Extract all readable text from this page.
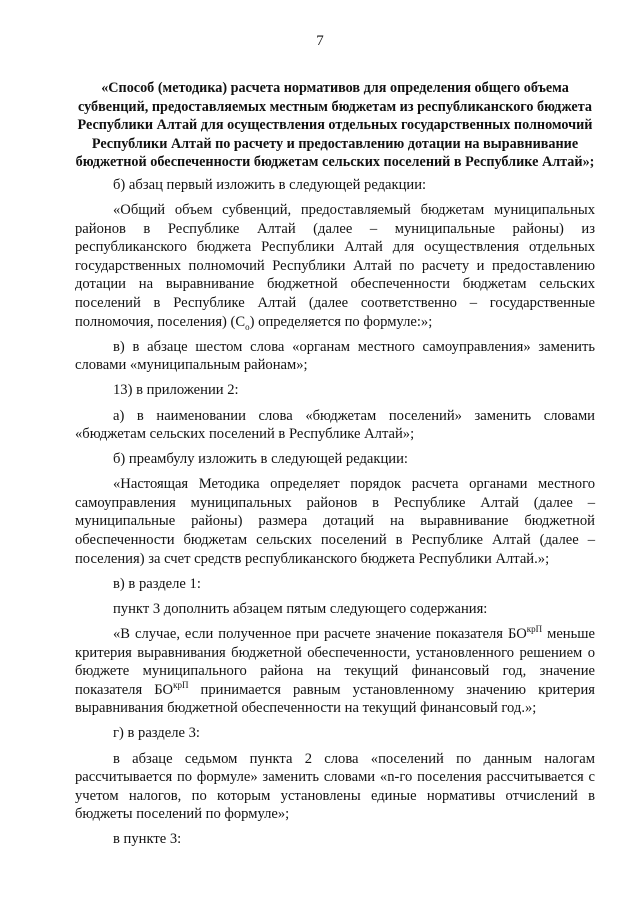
7

«Способ (методика) расчета нормативов для определения общего объема субвенций, предоставляемых местным бюджетам из республиканского бюджета Республики Алтай для осуществления отдельных государственных полномочий Республики Алтай по расчету и предоставлению дотации на выравнивание бюджетной обеспеченности бюджетам сельских поселений в Республике Алтай»;

б) абзац первый изложить в следующей редакции:

«Общий объем субвенций, предоставляемый бюджетам муниципальных районов в Республике Алтай (далее – муниципальные районы) из республиканского бюджета Республики Алтай для осуществления отдельных государственных полномочий Республики Алтай по расчету и предоставлению дотации на выравнивание бюджетной обеспеченности бюджетам сельских поселений в Республике Алтай (далее соответственно – государственные полномочия, поселения) $(С_о)$ определяется по формуле:»;

в) в абзаце шестом слова «органам местного самоуправления» заменить словами «муниципальным районам»;

13) в приложении 2:

а) в наименовании слова «бюджетам поселений» заменить словами «бюджетам сельских поселений в Республике Алтай»;

б) преамбулу изложить в следующей редакции:

«Настоящая Методика определяет порядок расчета органами местного самоуправления муниципальных районов в Республике Алтай (далее – муниципальные районы) размера дотаций на выравнивание бюджетной обеспеченности бюджетам сельских поселений в Республике Алтай (далее – поселения) за счет средств республиканского бюджета Республики Алтай.»;

в) в разделе 1:

пункт 3 дополнить абзацем пятым следующего содержания:

«В случае, если полученное при расчете значение показателя $БО^{крП}$ меньше критерия выравнивания бюджетной обеспеченности, установленного решением о бюджете муниципального района на текущий финансовый год, значение показателя $БО^{крП}$ принимается равным установленному значению критерия выравнивания бюджетной обеспеченности на текущий финансовый год.»;

г) в разделе 3:

в абзаце седьмом пункта 2 слова «поселений по данным налогам рассчитывается по формуле» заменить словами «n-го поселения рассчитывается с учетом налогов, по которым установлены единые нормативы отчислений в бюджеты поселений по формуле»;

в пункте 3:
